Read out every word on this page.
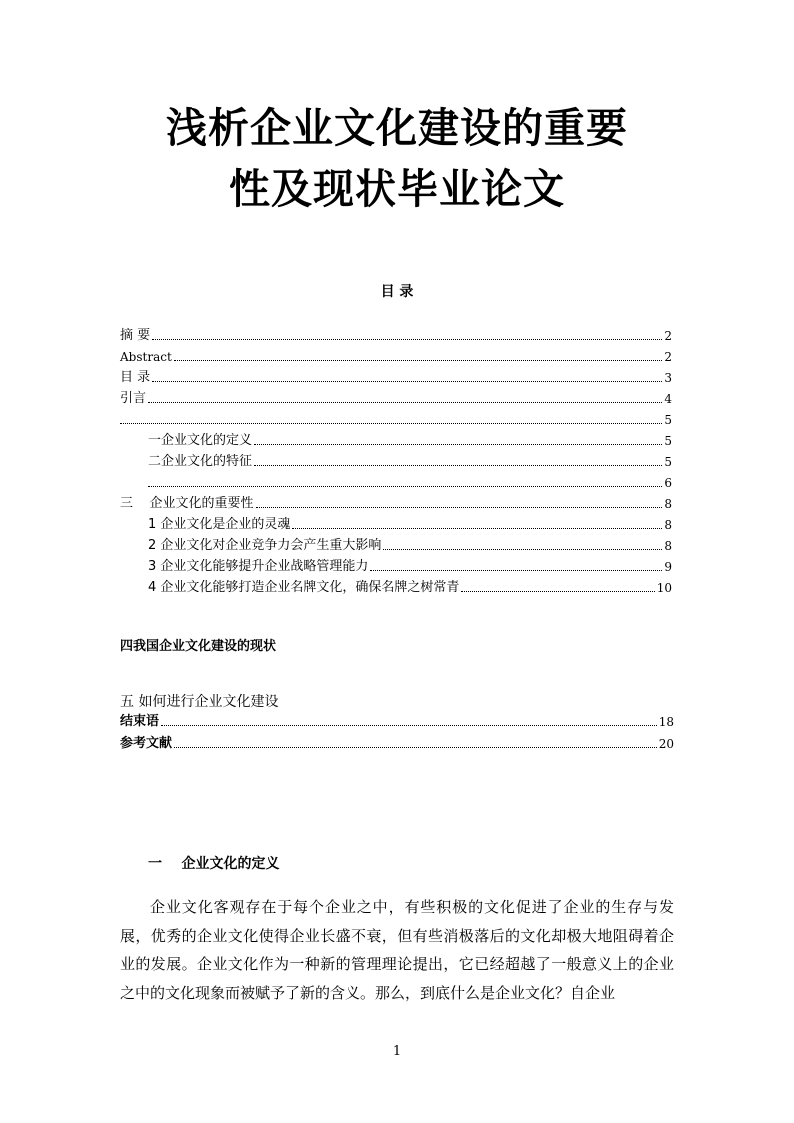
浅析企业文化建设的重要
性及现状毕业论文
目 录
摘 要	2
Abstract	2
目 录	3
引言	4
5
一企业文化的定义	5
二企业文化的特征	5
6
三    企业文化的重要性	8
1 企业文化是企业的灵魂	8
2 企业文化对企业竞争力会产生重大影响	8
3 企业文化能够提升企业战略管理能力	9
4 企业文化能够打造企业名牌文化，确保名牌之树常青	10
四我国企业文化建设的现状
五 如何进行企业文化建设
结束语	18
参考文献	20
一    企业文化的定义
企业文化客观存在于每个企业之中，有些积极的文化促进了企业的生存与发展，优秀的企业文化使得企业长盛不衰，但有些消极落后的文化却极大地阻碍着企业的发展。企业文化作为一种新的管理理论提出，它已经超越了一般意义上的企业之中的文化现象而被赋予了新的含义。那么，到底什么是企业文化？自企业
1
